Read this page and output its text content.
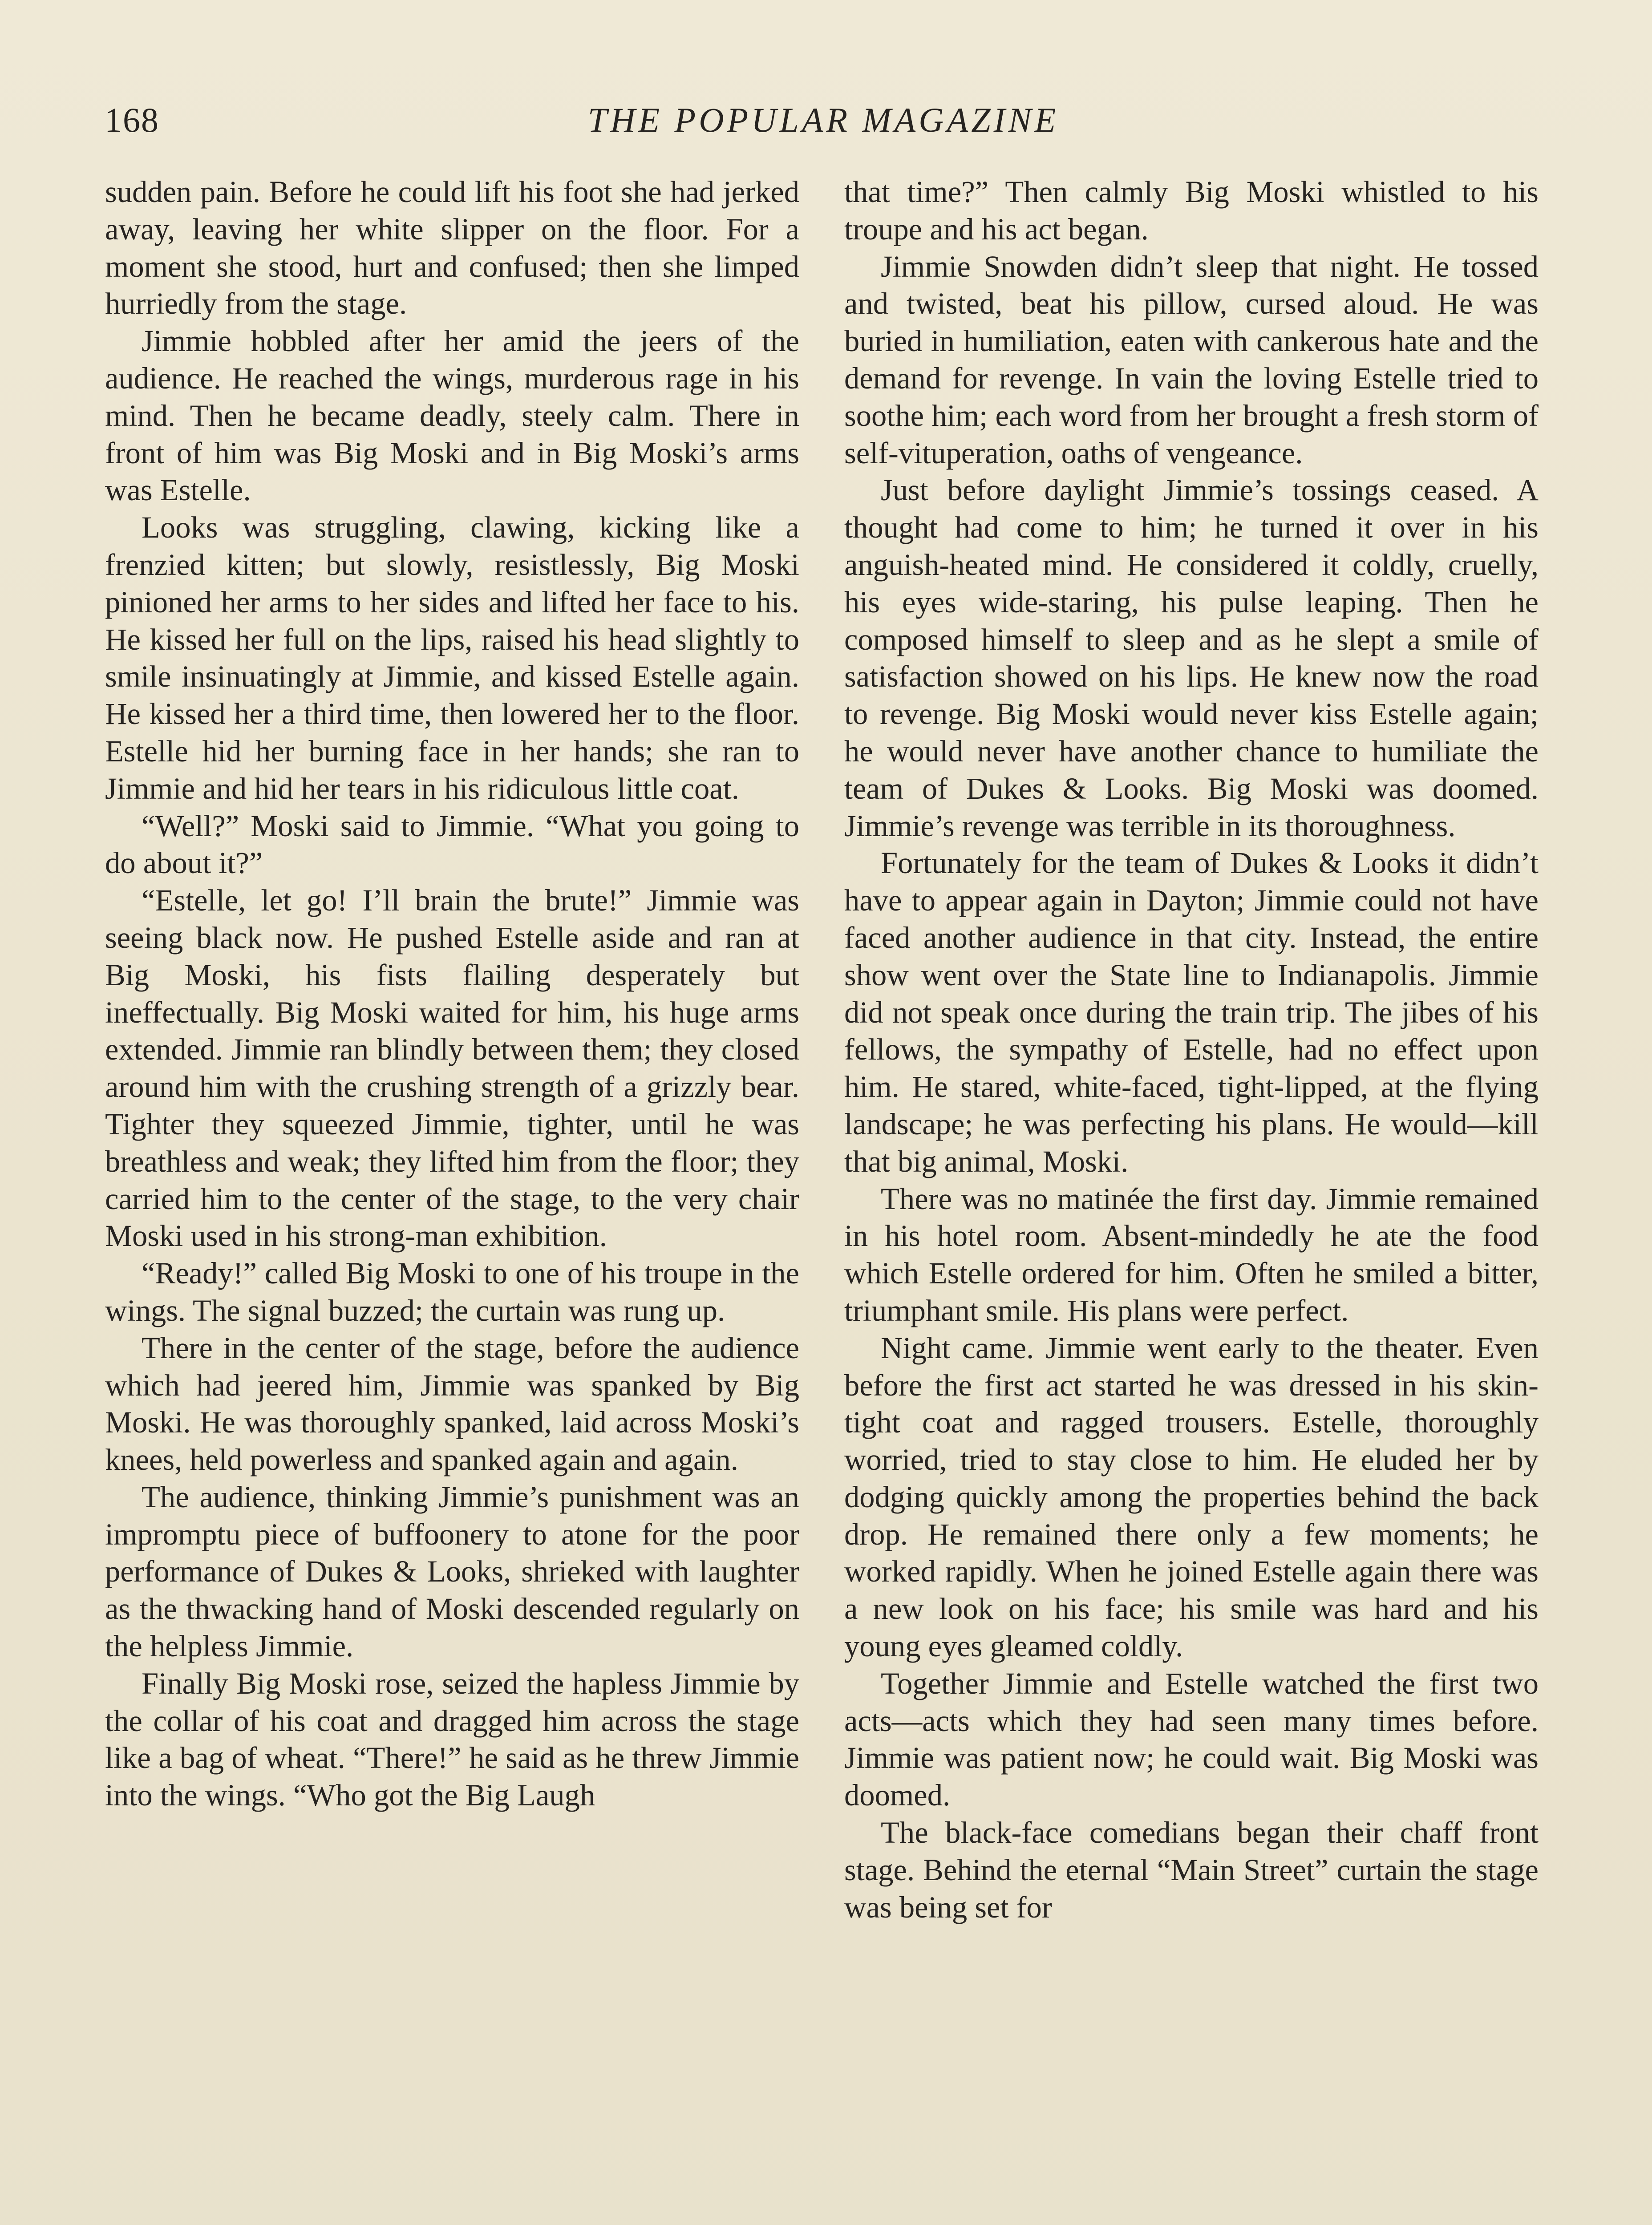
168	THE POPULAR MAGAZINE

sudden pain. Before he could lift his foot she had jerked away, leaving her white slipper on the floor. For a moment she stood, hurt and confused; then she limped hurriedly from the stage.

Jimmie hobbled after her amid the jeers of the audience. He reached the wings, murderous rage in his mind. Then he became deadly, steely calm. There in front of him was Big Moski and in Big Moski’s arms was Estelle.

Looks was struggling, clawing, kicking like a frenzied kitten; but slowly, resistlessly, Big Moski pinioned her arms to her sides and lifted her face to his. He kissed her full on the lips, raised his head slightly to smile insinuatingly at Jimmie, and kissed Estelle again. He kissed her a third time, then lowered her to the floor. Estelle hid her burning face in her hands; she ran to Jimmie and hid her tears in his ridiculous little coat.

“Well?” Moski said to Jimmie. “What you going to do about it?”

“Estelle, let go! I’ll brain the brute!” Jimmie was seeing black now. He pushed Estelle aside and ran at Big Moski, his fists flailing desperately but ineffectually. Big Moski waited for him, his huge arms extended. Jimmie ran blindly between them; they closed around him with the crushing strength of a grizzly bear. Tighter they squeezed Jimmie, tighter, until he was breathless and weak; they lifted him from the floor; they carried him to the center of the stage, to the very chair Moski used in his strong-man exhibition.

“Ready!” called Big Moski to one of his troupe in the wings. The signal buzzed; the curtain was rung up.

There in the center of the stage, before the audience which had jeered him, Jimmie was spanked by Big Moski. He was thoroughly spanked, laid across Moski’s knees, held powerless and spanked again and again.

The audience, thinking Jimmie’s punishment was an impromptu piece of buffoonery to atone for the poor performance of Dukes & Looks, shrieked with laughter as the thwacking hand of Moski descended regularly on the helpless Jimmie.

Finally Big Moski rose, seized the hapless Jimmie by the collar of his coat and dragged him across the stage like a bag of wheat. “There!” he said as he threw Jimmie into the wings. “Who got the Big Laugh

that time?” Then calmly Big Moski whistled to his troupe and his act began.

Jimmie Snowden didn’t sleep that night. He tossed and twisted, beat his pillow, cursed aloud. He was buried in humiliation, eaten with cankerous hate and the demand for revenge. In vain the loving Estelle tried to soothe him; each word from her brought a fresh storm of self-vituperation, oaths of vengeance.

Just before daylight Jimmie’s tossings ceased. A thought had come to him; he turned it over in his anguish-heated mind. He considered it coldly, cruelly, his eyes wide-staring, his pulse leaping. Then he composed himself to sleep and as he slept a smile of satisfaction showed on his lips. He knew now the road to revenge. Big Moski would never kiss Estelle again; he would never have another chance to humiliate the team of Dukes & Looks. Big Moski was doomed. Jimmie’s revenge was terrible in its thoroughness.

Fortunately for the team of Dukes & Looks it didn’t have to appear again in Dayton; Jimmie could not have faced another audience in that city. Instead, the entire show went over the State line to Indianapolis. Jimmie did not speak once during the train trip. The jibes of his fellows, the sympathy of Estelle, had no effect upon him. He stared, white-faced, tight-lipped, at the flying landscape; he was perfecting his plans. He would—kill that big animal, Moski.

There was no matinée the first day. Jimmie remained in his hotel room. Absent-mindedly he ate the food which Estelle ordered for him. Often he smiled a bitter, triumphant smile. His plans were perfect.

Night came. Jimmie went early to the theater. Even before the first act started he was dressed in his skin-tight coat and ragged trousers. Estelle, thoroughly worried, tried to stay close to him. He eluded her by dodging quickly among the properties behind the back drop. He remained there only a few moments; he worked rapidly. When he joined Estelle again there was a new look on his face; his smile was hard and his young eyes gleamed coldly.

Together Jimmie and Estelle watched the first two acts—acts which they had seen many times before. Jimmie was patient now; he could wait. Big Moski was doomed.

The black-face comedians began their chaff front stage. Behind the eternal “Main Street” curtain the stage was being set for
